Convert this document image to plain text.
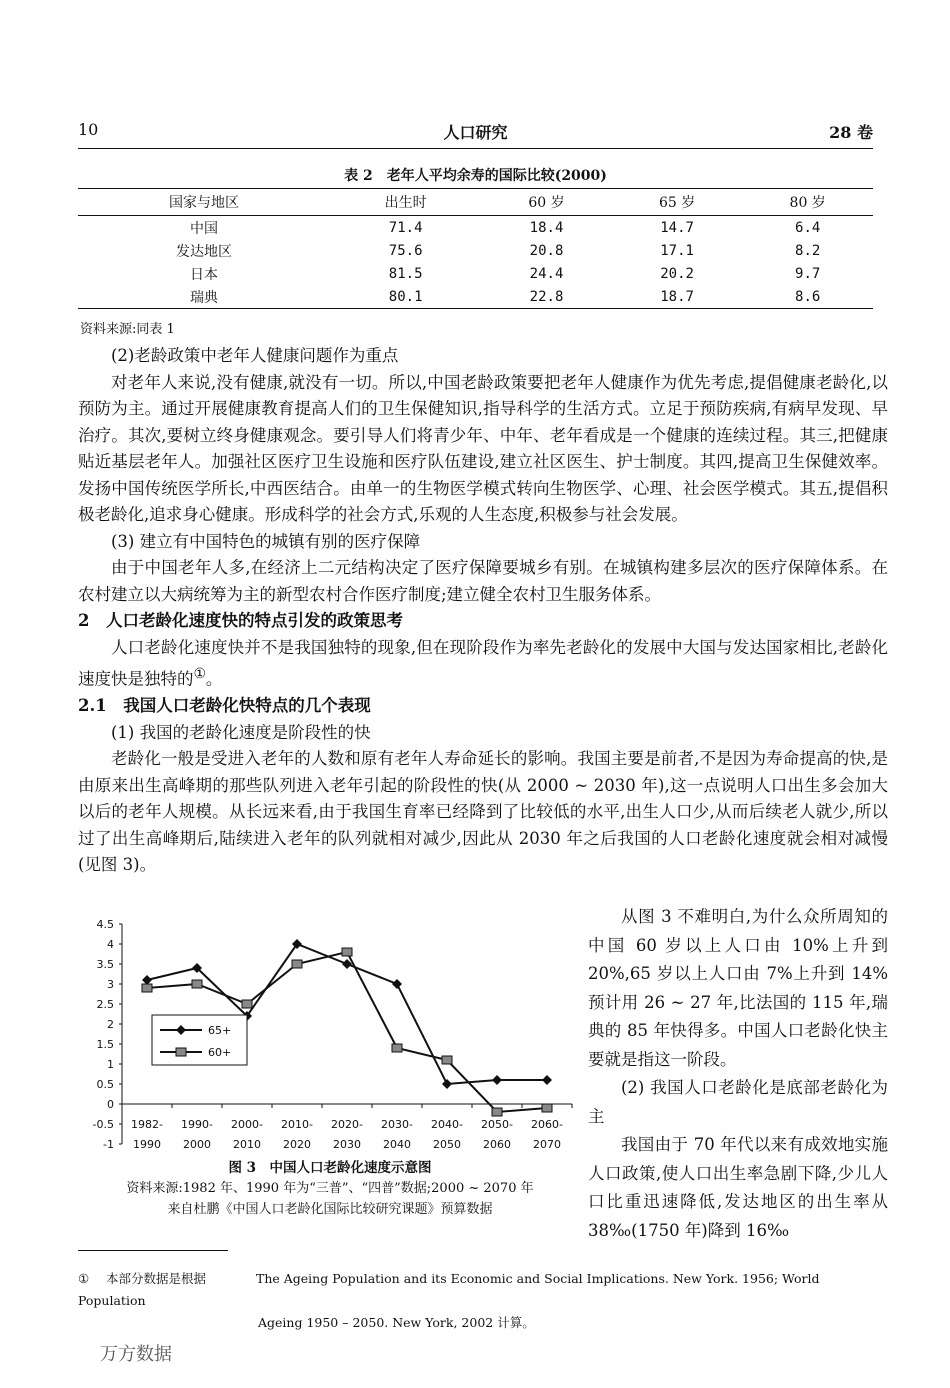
10	人口研究	28 卷
表 2　老年人平均余寿的国际比较(2000)
国家与地区	出生时	60 岁	65 岁	80 岁
中国	71.4	18.4	14.7	6.4
发达地区	75.6	20.8	17.1	8.2
日本	81.5	24.4	20.2	9.7
瑞典	80.1	22.8	18.7	8.6
资料来源:同表 1

(2)老龄政策中老年人健康问题作为重点

对老年人来说,没有健康,就没有一切。所以,中国老龄政策要把老年人健康作为优先考虑,提倡健康老龄化,以预防为主。通过开展健康教育提高人们的卫生保健知识,指导科学的生活方式。立足于预防疾病,有病早发现、早治疗。其次,要树立终身健康观念。要引导人们将青少年、中年、老年看成是一个健康的连续过程。其三,把健康贴近基层老年人。加强社区医疗卫生设施和医疗队伍建设,建立社区医生、护士制度。其四,提高卫生保健效率。发扬中国传统医学所长,中西医结合。由单一的生物医学模式转向生物医学、心理、社会医学模式。其五,提倡积极老龄化,追求身心健康。形成科学的社会方式,乐观的人生态度,积极参与社会发展。

(3) 建立有中国特色的城镇有别的医疗保障

由于中国老年人多,在经济上二元结构决定了医疗保障要城乡有别。在城镇构建多层次的医疗保障体系。在农村建立以大病统筹为主的新型农村合作医疗制度;建立健全农村卫生服务体系。

2　人口老龄化速度快的特点引发的政策思考

人口老龄化速度快并不是我国独特的现象,但在现阶段作为率先老龄化的发展中大国与发达国家相比,老龄化速度快是独特的①。

2.1　我国人口老龄化快特点的几个表现

(1) 我国的老龄化速度是阶段性的快

老龄化一般是受进入老年的人数和原有老年人寿命延长的影响。我国主要是前者,不是因为寿命提高的快,是由原来出生高峰期的那些队列进入老年引起的阶段性的快(从 2000 ~ 2030 年),这一点说明人口出生多会加大以后的老年人规模。从长远来看,由于我国生育率已经降到了比较低的水平,出生人口少,从而后续老人就少,所以过了出生高峰期后,陆续进入老年的队列就相对减少,因此从 2030 年之后我国的人口老龄化速度就会相对减慢(见图 3)。

4.5
4
3.5
3
2.5
2
1.5
1
0.5
0
-0.5
-1
1982-
1990
1990-
2000
2000-
2010
2010-
2020
2020-
2030
2030-
2040
2040-
2050
2050-
2060
2060-
2070
65+
60+
图 3　中国人口老龄化速度示意图
资料来源:1982 年、1990 年为“三普”、“四普”数据;2000 ~ 2070 年
来自杜鹏《中国人口老龄化国际比较研究课题》预算数据

从图 3 不难明白,为什么众所周知的中国 60 岁以上人口由 10%上升到 20%,65 岁以上人口由 7%上升到 14%预计用 26 ~ 27 年,比法国的 115 年,瑞典的 85 年快得多。中国人口老龄化快主要就是指这一阶段。

(2) 我国人口老龄化是底部老龄化为主

我国由于 70 年代以来有成效地实施人口政策,使人口出生率急剧下降,少儿人口比重迅速降低,发达地区的出生率从 38‰(1750 年)降到 16‰

① 本部分数据是根据	The Ageing Population and its Economic and Social Implications. New York. 1956; World Population
Ageing 1950 – 2050. New York, 2002 计算。
万方数据
